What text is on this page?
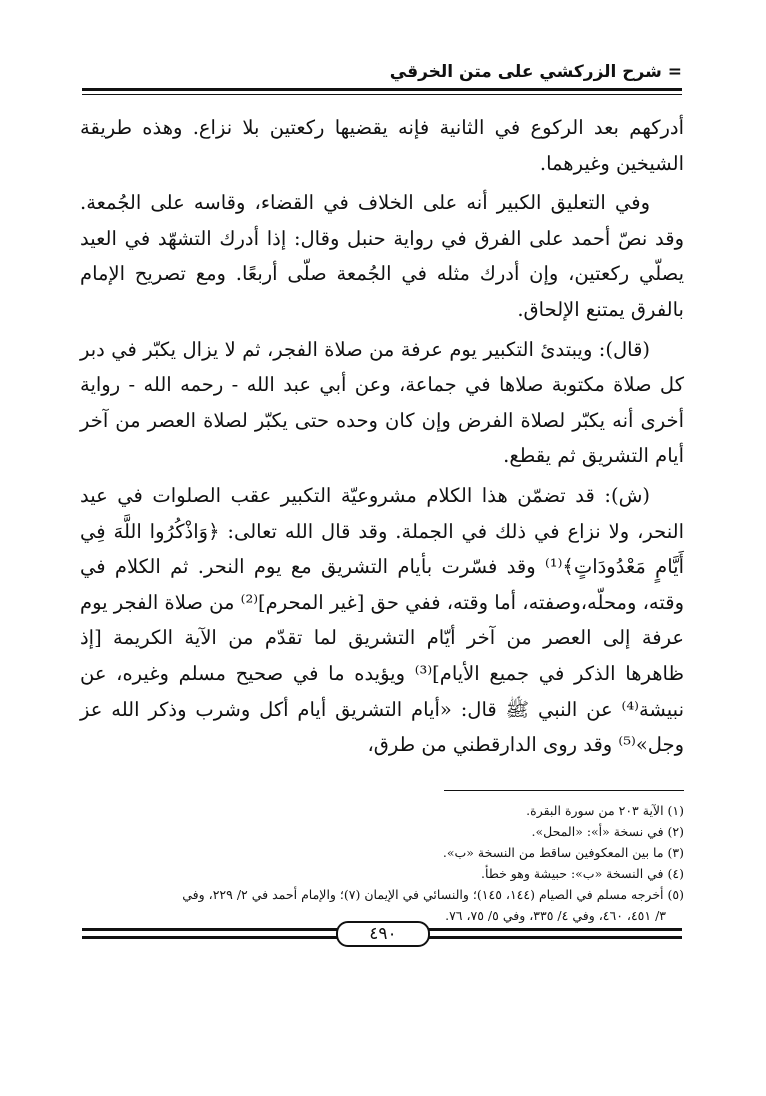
= شرح الزركشي على متن الخرقي

أدركهم بعد الركوع في الثانية فإنه يقضيها ركعتين بلا نزاع. وهذه طريقة الشيخين وغيرهما.

وفي التعليق الكبير أنه على الخلاف في القضاء، وقاسه على الجُمعة. وقد نصّ أحمد على الفرق في رواية حنبل وقال: إذا أدرك التشهّد في العيد يصلّي ركعتين، وإن أدرك مثله في الجُمعة صلّى أربعًا. ومع تصريح الإمام بالفرق يمتنع الإلحاق.

(قال): ويبتدئ التكبير يوم عرفة من صلاة الفجر، ثم لا يزال يكبّر في دبر كل صلاة مكتوبة صلاها في جماعة، وعن أبي عبد الله - رحمه الله - رواية أخرى أنه يكبّر لصلاة الفرض وإن كان وحده حتى يكبّر لصلاة العصر من آخر أيام التشريق ثم يقطع.

(ش): قد تضمّن هذا الكلام مشروعيّة التكبير عقب الصلوات في عيد النحر، ولا نزاع في ذلك في الجملة. وقد قال الله تعالى: ﴿وَاذْكُرُوا اللَّهَ فِي أَيَّامٍ مَعْدُودَاتٍ﴾⁽¹⁾ وقد فسّرت بأيام التشريق مع يوم النحر. ثم الكلام في وقته، ومحلّه،وصفته، أما وقته، ففي حق [غير المحرم]⁽²⁾ من صلاة الفجر يوم عرفة إلى العصر من آخر أيّام التشريق لما تقدّم من الآية الكريمة [إذ ظاهرها الذكر في جميع الأيام]⁽³⁾ ويؤيده ما في صحيح مسلم وغيره، عن نبيشة⁽⁴⁾ عن النبي ﷺ قال: «أيام التشريق أيام أكل وشرب وذكر الله عز وجل»⁽⁵⁾ وقد روى الدارقطني من طرق،

(١) الآية ٢٠٣ من سورة البقرة.

(٢) في نسخة «أ»: «المحل».

(٣) ما بين المعكوفين ساقط من النسخة «ب».

(٤) في النسخة «ب»: حبيشة وهو خطأ.

(٥) أخرجه مسلم في الصيام (١٤٤، ١٤٥)؛ والنسائي في الإيمان (٧)؛ والإمام أحمد في ٢/ ٢٢٩، وفي

٣/ ٤٥١، ٤٦٠، وفي ٤/ ٣٣٥، وفي ٥/ ٧٥، ٧٦.

٤٩٠
